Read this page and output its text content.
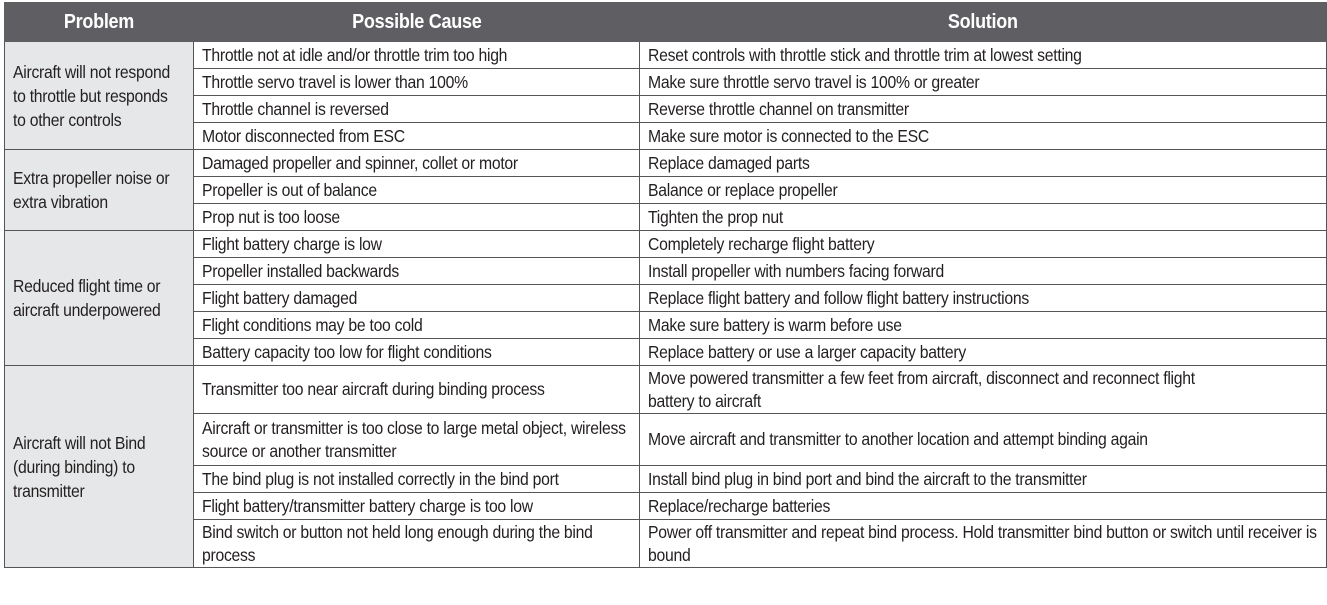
Problem	Possible Cause	Solution

Aircraft will not respond to throttle but responds to other controls	Throttle not at idle and/or throttle trim too high	Reset controls with throttle stick and throttle trim at lowest setting
	Throttle servo travel is lower than 100%	Make sure throttle servo travel is 100% or greater
	Throttle channel is reversed	Reverse throttle channel on transmitter
	Motor disconnected from ESC	Make sure motor is connected to the ESC

Extra propeller noise or extra vibration	Damaged propeller and spinner, collet or motor	Replace damaged parts
	Propeller is out of balance	Balance or replace propeller
	Prop nut is too loose	Tighten the prop nut

Reduced flight time or aircraft underpowered	Flight battery charge is low	Completely recharge flight battery
	Propeller installed backwards	Install propeller with numbers facing forward
	Flight battery damaged	Replace flight battery and follow flight battery instructions
	Flight conditions may be too cold	Make sure battery is warm before use
	Battery capacity too low for flight conditions	Replace battery or use a larger capacity battery

Aircraft will not Bind (during binding) to transmitter	Transmitter too near aircraft during binding process	Move powered transmitter a few feet from aircraft, disconnect and reconnect flight battery to aircraft

	Aircraft or transmitter is too close to large metal object, wireless source or another transmitter	Move aircraft and transmitter to another location and attempt binding again
	The bind plug is not installed correctly in the bind port	Install bind plug in bind port and bind the aircraft to the transmitter
	Flight battery/transmitter battery charge is too low	Replace/recharge batteries

	Bind switch or button not held long enough during the bind process	Power off transmitter and repeat bind process. Hold transmitter bind button or switch until receiver is bound
